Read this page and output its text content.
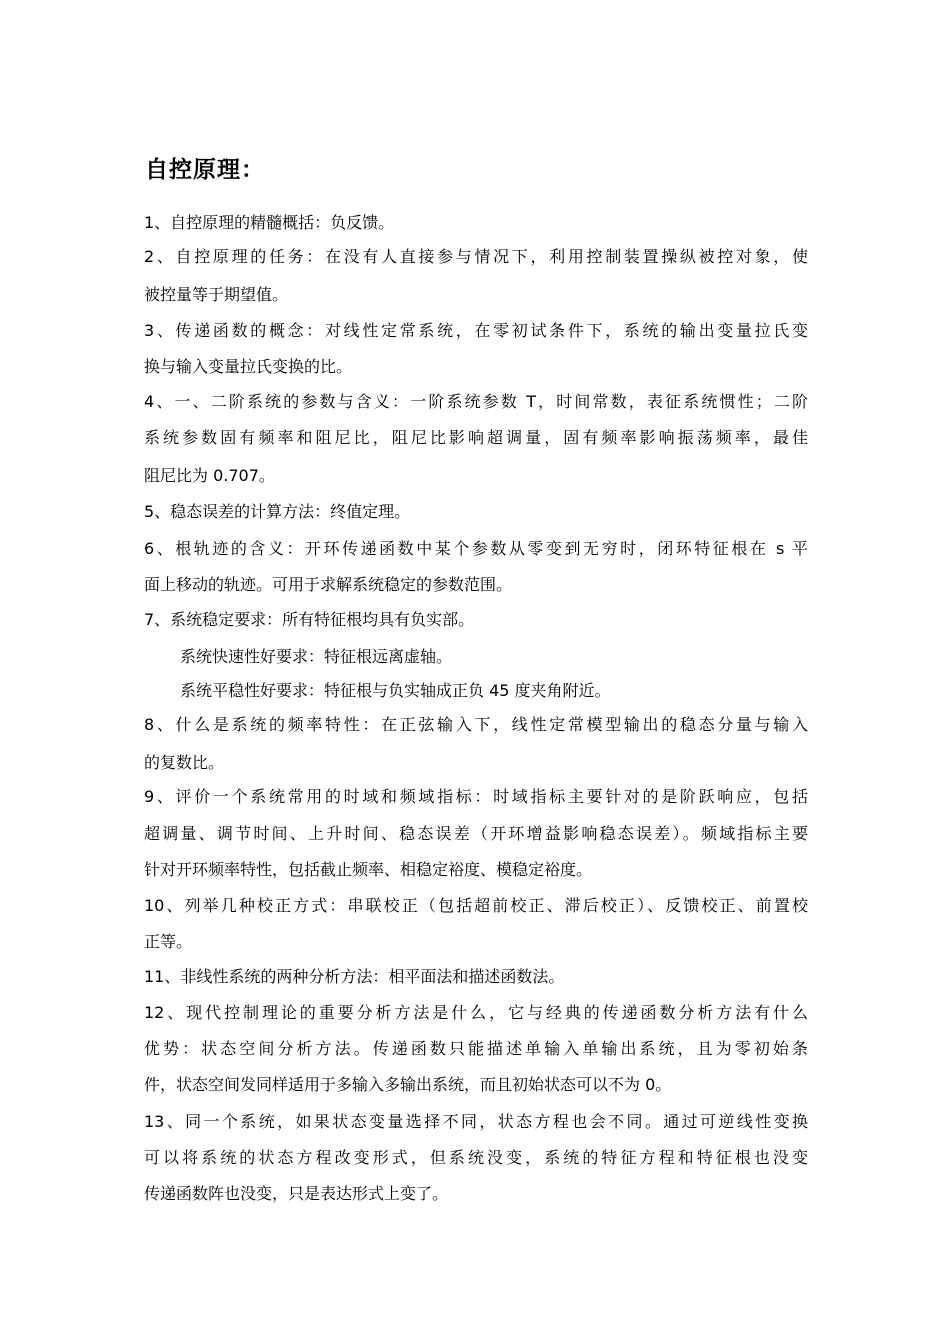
自控原理：
1、自控原理的精髓概括：负反馈。
2、自控原理的任务：在没有人直接参与情况下，利用控制装置操纵被控对象，使
被控量等于期望值。
3、传递函数的概念：对线性定常系统，在零初试条件下，系统的输出变量拉氏变
换与输入变量拉氏变换的比。
4、一、二阶系统的参数与含义：一阶系统参数 T，时间常数，表征系统惯性；二阶
系统参数固有频率和阻尼比，阻尼比影响超调量，固有频率影响振荡频率，最佳
阻尼比为 0.707。
5、稳态误差的计算方法：终值定理。
6、根轨迹的含义：开环传递函数中某个参数从零变到无穷时，闭环特征根在 s 平
面上移动的轨迹。可用于求解系统稳定的参数范围。
7、系统稳定要求：所有特征根均具有负实部。
系统快速性好要求：特征根远离虚轴。
系统平稳性好要求：特征根与负实轴成正负 45 度夹角附近。
8、什么是系统的频率特性：在正弦输入下，线性定常模型输出的稳态分量与输入
的复数比。
9、评价一个系统常用的时域和频域指标：时域指标主要针对的是阶跃响应，包括
超调量、调节时间、上升时间、稳态误差（开环增益影响稳态误差）。频域指标主要
针对开环频率特性，包括截止频率、相稳定裕度、模稳定裕度。
10、列举几种校正方式：串联校正（包括超前校正、滞后校正）、反馈校正、前置校
正等。
11、非线性系统的两种分析方法：相平面法和描述函数法。
12、现代控制理论的重要分析方法是什么，它与经典的传递函数分析方法有什么
优势：状态空间分析方法。传递函数只能描述单输入单输出系统，且为零初始条
件，状态空间发同样适用于多输入多输出系统，而且初始状态可以不为 0。
13、同一个系统，如果状态变量选择不同，状态方程也会不同。通过可逆线性变换
可以将系统的状态方程改变形式，但系统没变，系统的特征方程和特征根也没变
传递函数阵也没变，只是表达形式上变了。
